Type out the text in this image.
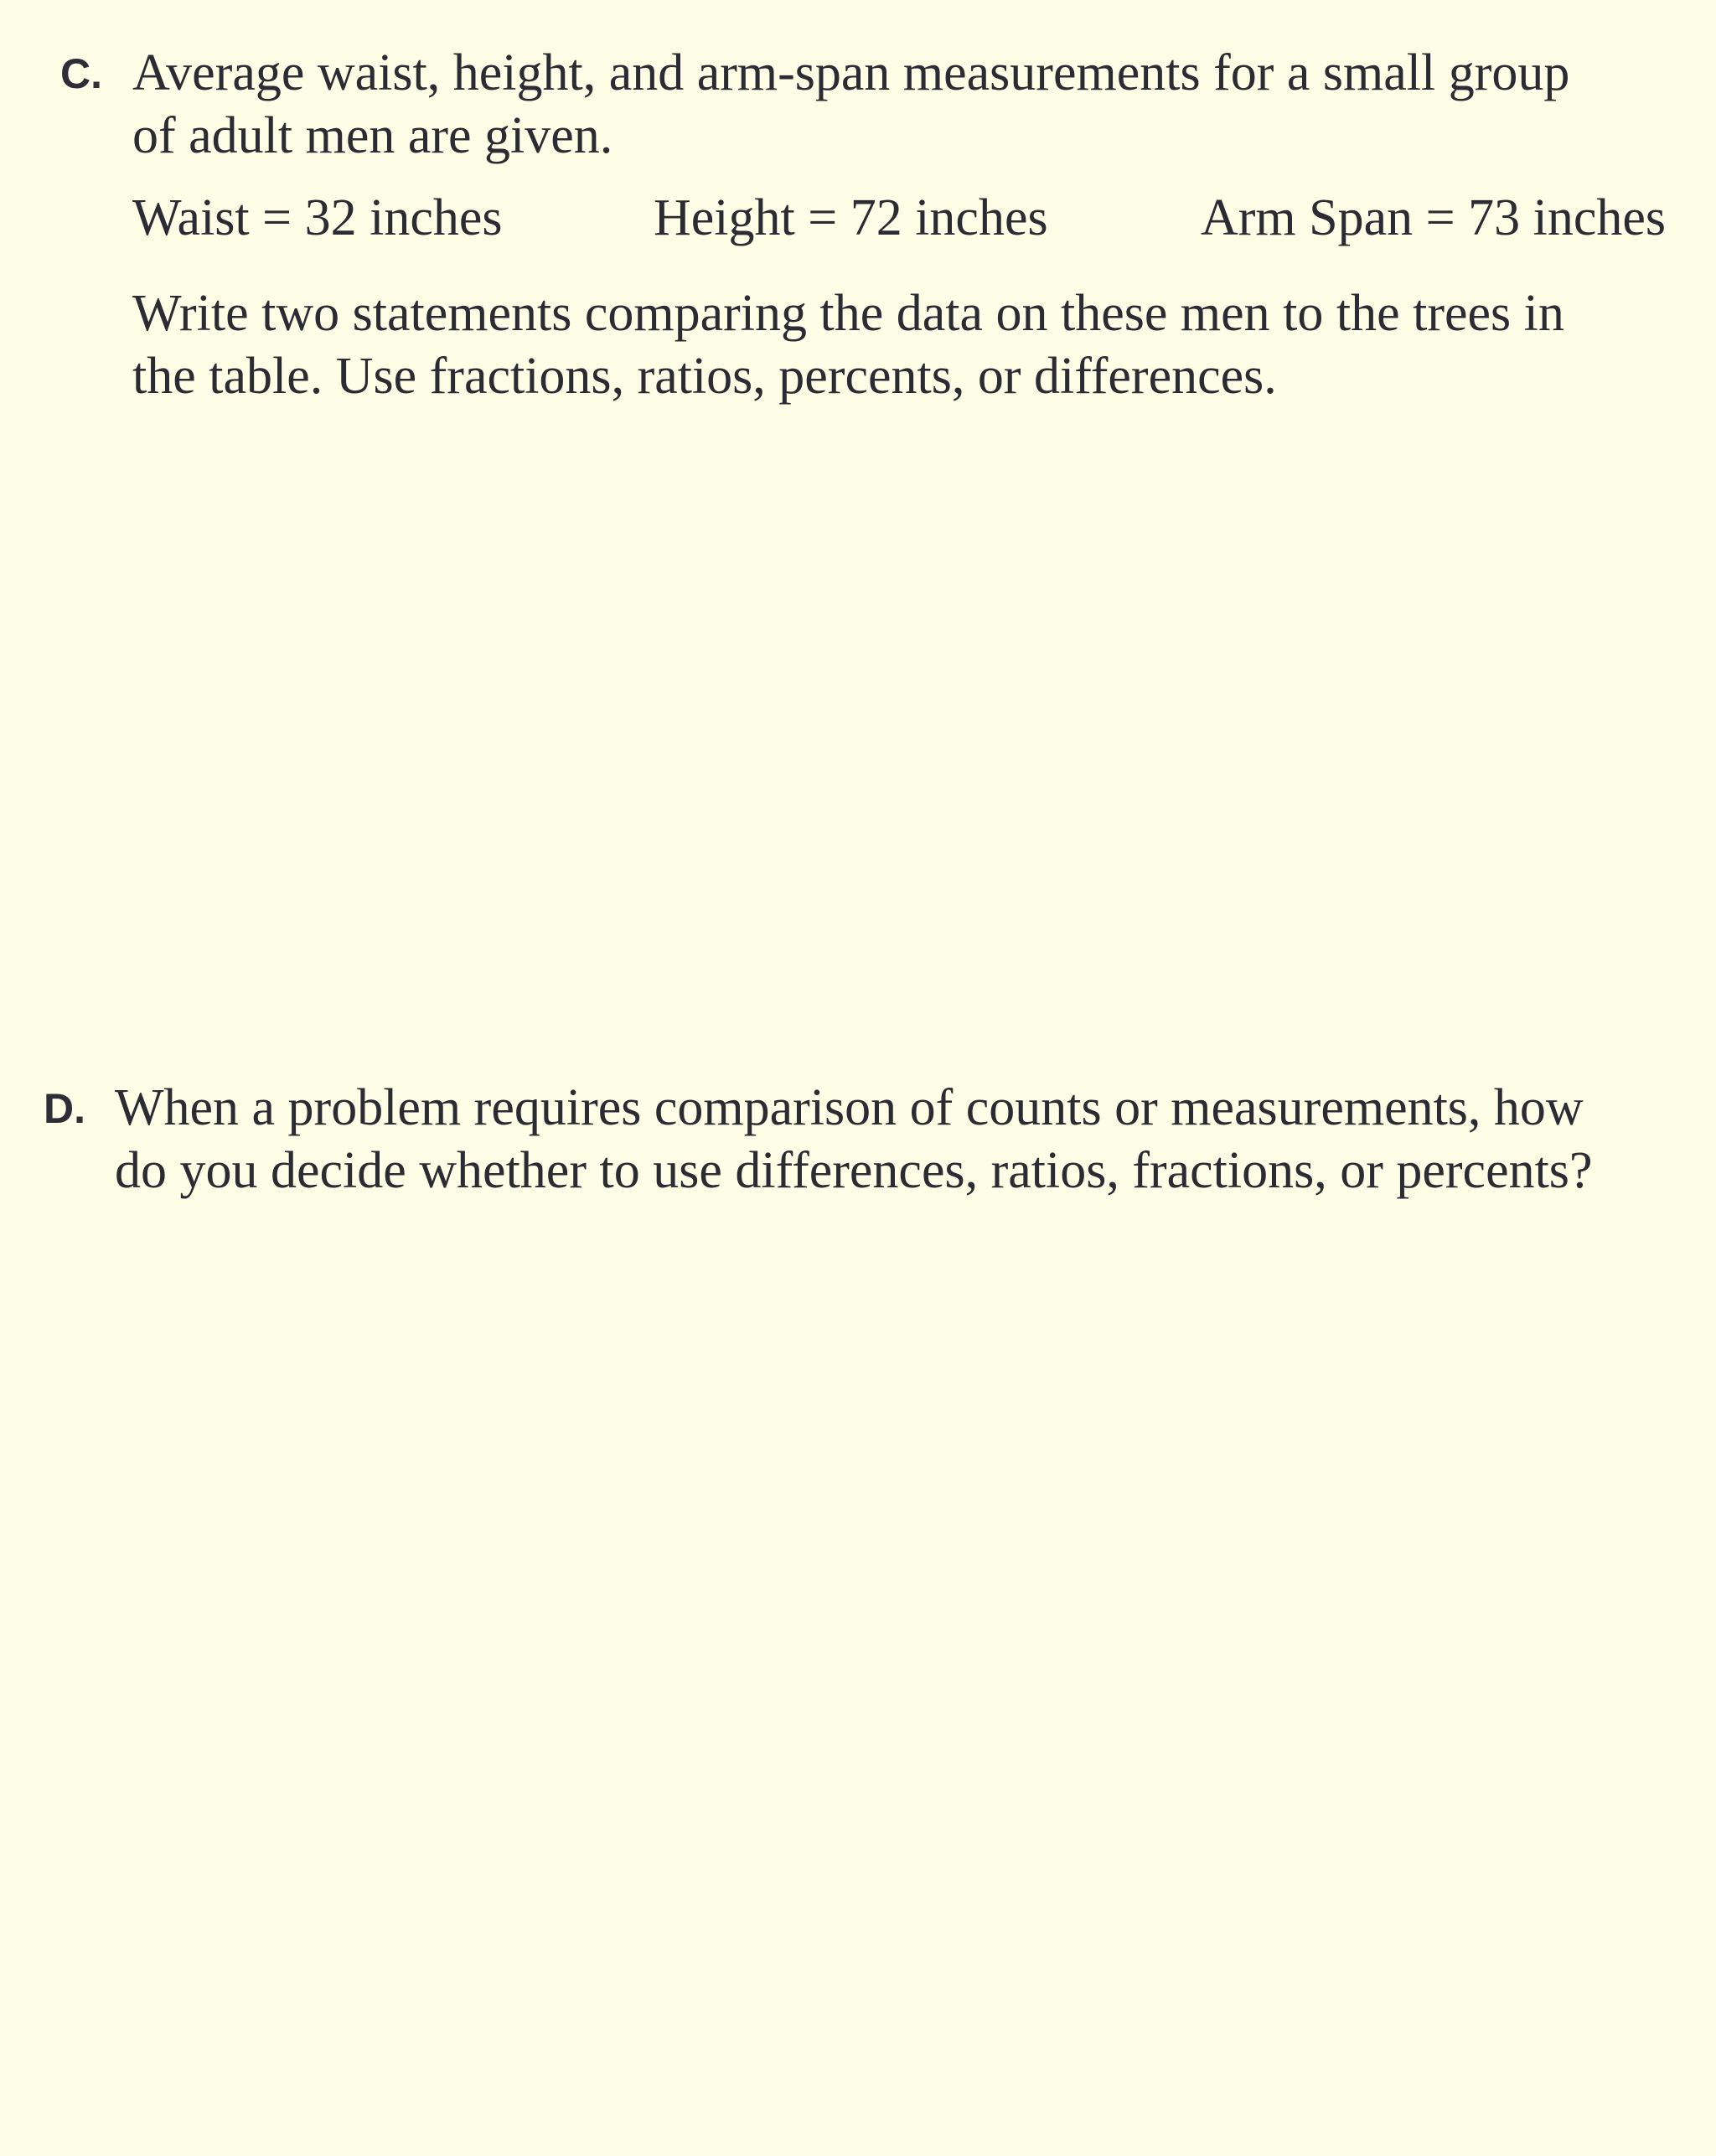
C. Average waist, height, and arm-span measurements for a small group
of adult men are given.

Waist = 32 inches	Height = 72 inches	Arm Span = 73 inches

Write two statements comparing the data on these men to the trees in
the table. Use fractions, ratios, percents, or differences.

D. When a problem requires comparison of counts or measurements, how
do you decide whether to use differences, ratios, fractions, or percents?
